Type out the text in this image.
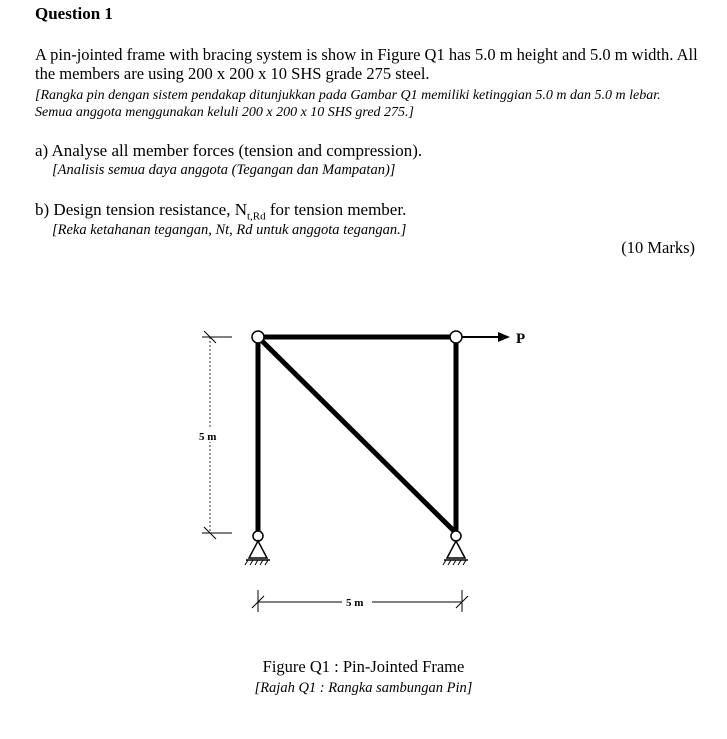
Question 1
A pin-jointed frame with bracing system is show in Figure Q1 has 5.0 m height and 5.0 m width. All the members are using 200 x 200 x 10 SHS grade 275 steel.
[Rangka pin dengan sistem pendakap ditunjukkan pada Gambar Q1 memiliki ketinggian 5.0 m dan 5.0 m lebar. Semua anggota menggunakan keluli 200 x 200 x 10 SHS gred 275.]
a) Analyse all member forces (tension and compression).
[Analisis semua daya anggota (Tegangan dan Mampatan)]
b) Design tension resistance, $N_{t,Rd}$ for tension member.
[Reka ketahanan tegangan, Nt, Rd untuk anggota tegangan.]
(10 Marks)
P
5 m
5 m
Figure Q1 : Pin-Jointed Frame
[Rajah Q1 : Rangka sambungan Pin]
